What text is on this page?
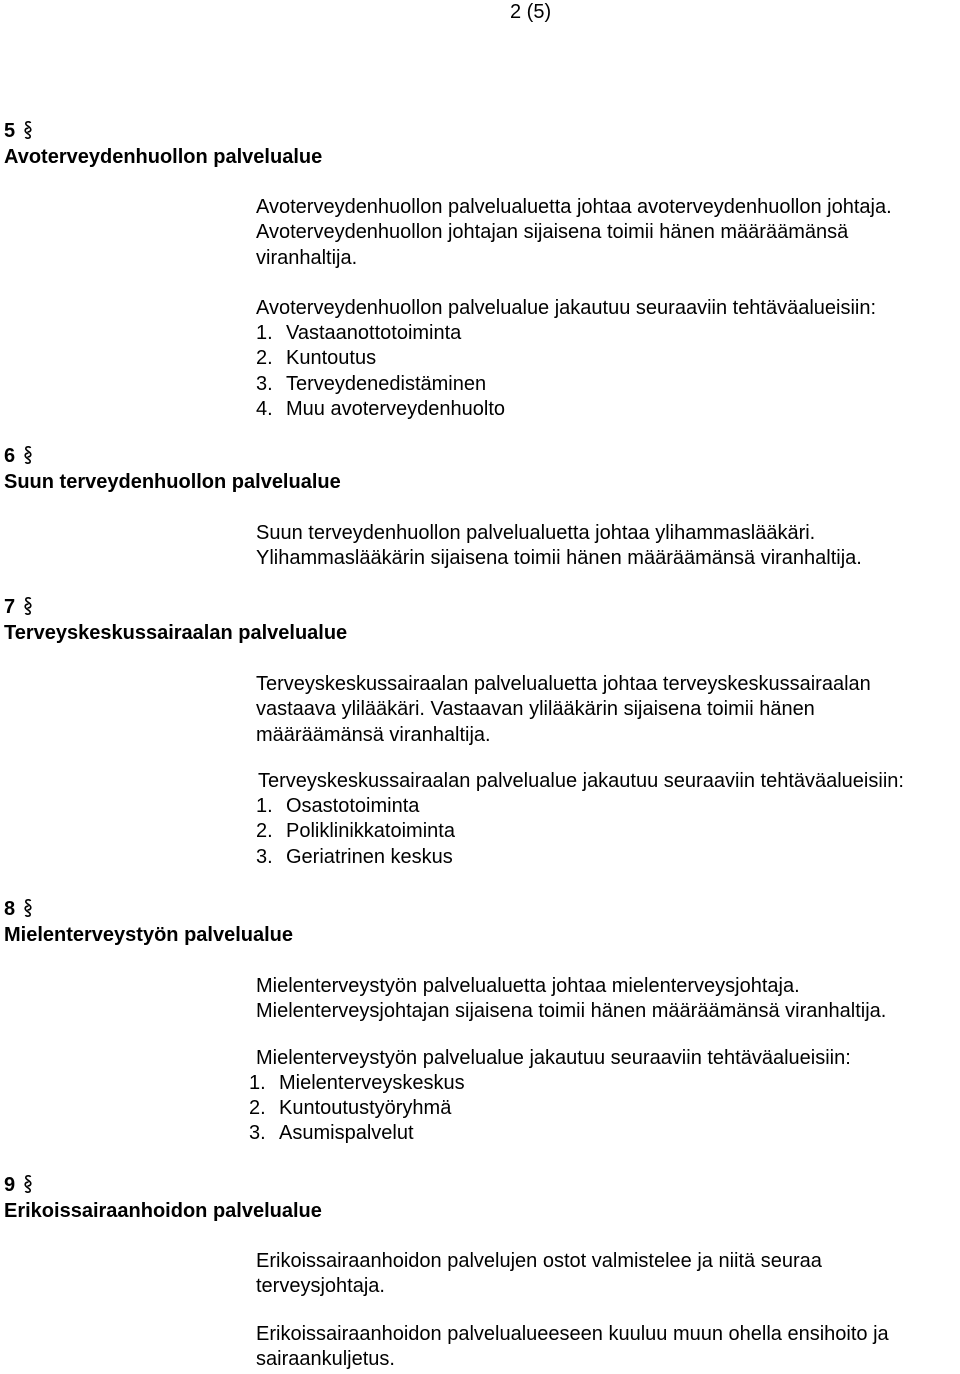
2 (5)
5
Avoterveydenhuollon palvelualue

Avoterveydenhuollon palvelualuetta johtaa avoterveydenhuollon johtaja.
Avoterveydenhuollon johtajan sijaisena toimii hänen määräämänsä
viranhaltija.

Avoterveydenhuollon palvelualue jakautuu seuraaviin tehtäväalueisiin:

1. Vastaanottotoiminta
2. Kuntoutus
3. Terveydenedistäminen
4. Muu avoterveydenhuolto
6
Suun terveydenhuollon palvelualue

Suun terveydenhuollon palvelualuetta johtaa ylihammaslääkäri.
Ylihammaslääkärin sijaisena toimii hänen määräämänsä viranhaltija.

7
Terveyskeskussairaalan palvelualue

Terveyskeskussairaalan palvelualuetta johtaa terveyskeskussairaalan
vastaava ylilääkäri. Vastaavan ylilääkärin sijaisena toimii hänen
määräämänsä viranhaltija.

Terveyskeskussairaalan palvelualue jakautuu seuraaviin tehtäväalueisiin:

1. Osastotoiminta
2. Poliklinikkatoiminta
3. Geriatrinen keskus
8
Mielenterveystyön palvelualue

Mielenterveystyön palvelualuetta johtaa mielenterveysjohtaja.
Mielenterveysjohtajan sijaisena toimii hänen määräämänsä viranhaltija.

Mielenterveystyön palvelualue jakautuu seuraaviin tehtäväalueisiin:

1. Mielenterveyskeskus
2. Kuntoutustyöryhmä
3. Asumispalvelut
9
Erikoissairaanhoidon palvelualue

Erikoissairaanhoidon palvelujen ostot valmistelee ja niitä seuraa
terveysjohtaja.

Erikoissairaanhoidon palvelualueeseen kuuluu muun ohella ensihoito ja
sairaankuljetus.
